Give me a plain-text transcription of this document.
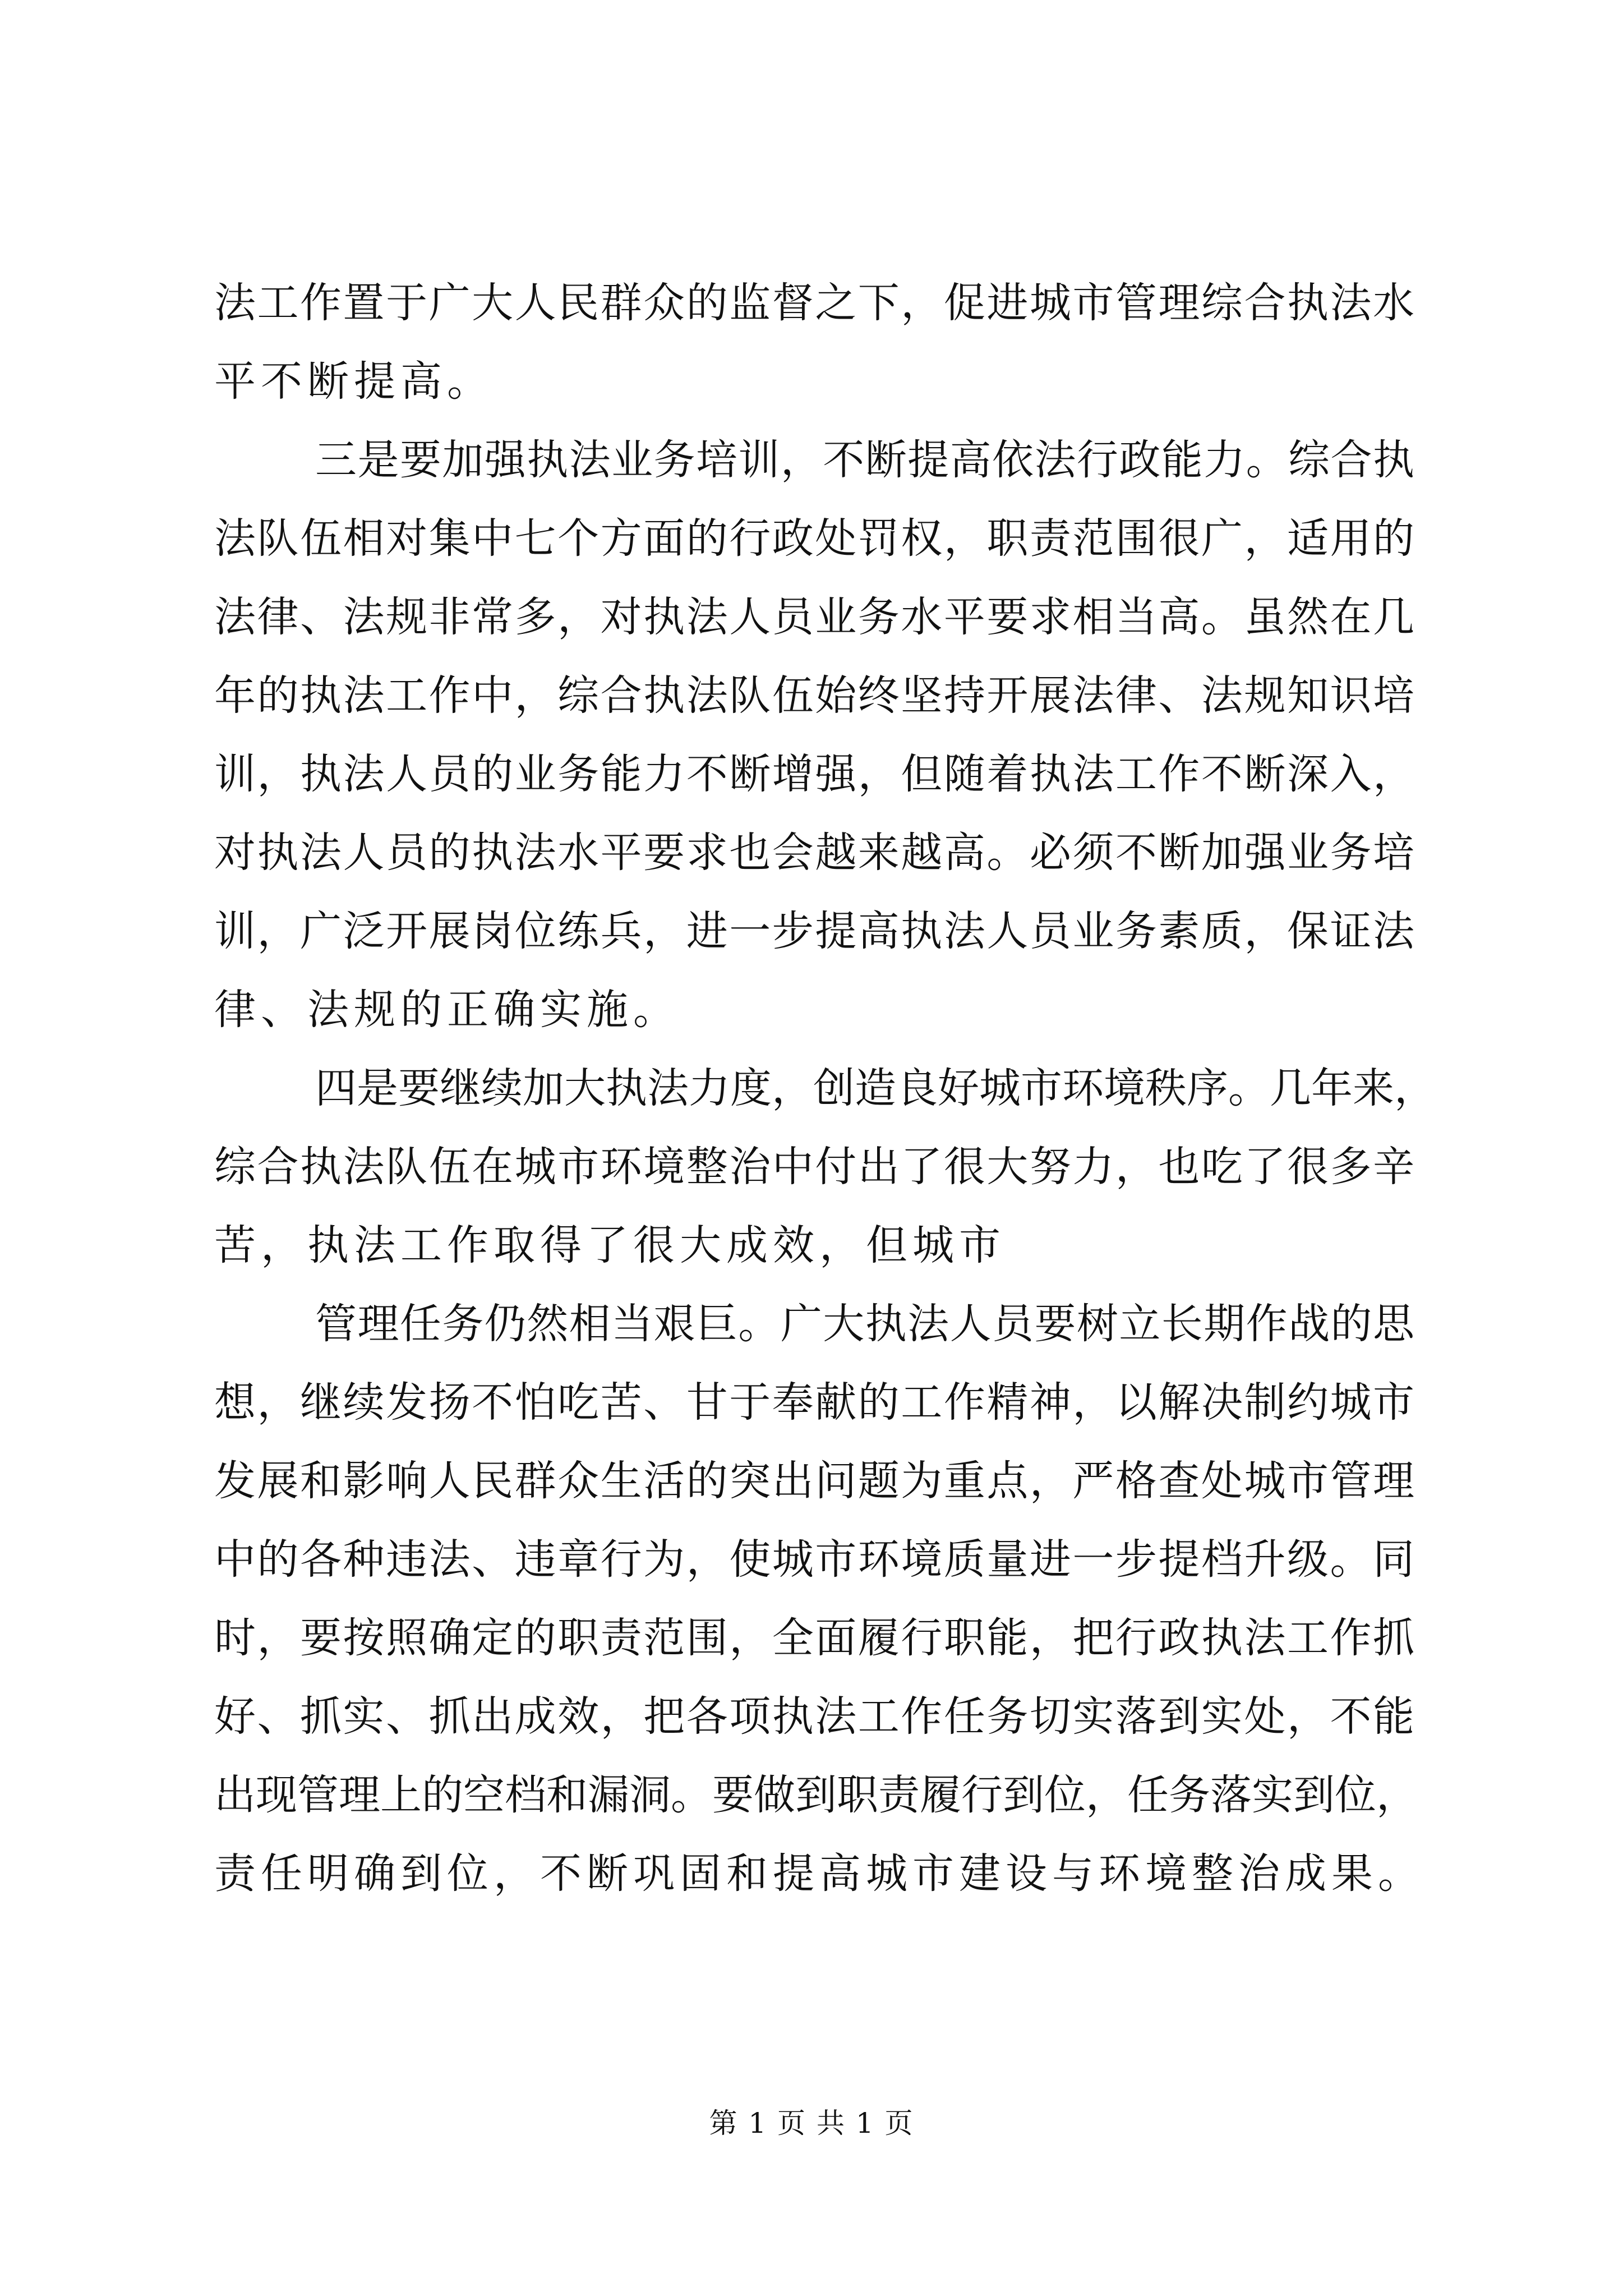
法工作置于广大人民群众的监督之下，促进城市管理综合执法水
平不断提高。
三是要加强执法业务培训，不断提高依法行政能力。综合执
法队伍相对集中七个方面的行政处罚权，职责范围很广，适用的
法律、法规非常多，对执法人员业务水平要求相当高。虽然在几
年的执法工作中，综合执法队伍始终坚持开展法律、法规知识培
训，执法人员的业务能力不断增强，但随着执法工作不断深入，
对执法人员的执法水平要求也会越来越高。必须不断加强业务培
训，广泛开展岗位练兵，进一步提高执法人员业务素质，保证法
律、法规的正确实施。
四是要继续加大执法力度，创造良好城市环境秩序。几年来，
综合执法队伍在城市环境整治中付出了很大努力，也吃了很多辛
苦，执法工作取得了很大成效，但城市
管理任务仍然相当艰巨。广大执法人员要树立长期作战的思
想，继续发扬不怕吃苦、甘于奉献的工作精神，以解决制约城市
发展和影响人民群众生活的突出问题为重点，严格查处城市管理
中的各种违法、违章行为，使城市环境质量进一步提档升级。同
时，要按照确定的职责范围，全面履行职能，把行政执法工作抓
好、抓实、抓出成效，把各项执法工作任务切实落到实处，不能
出现管理上的空档和漏洞。要做到职责履行到位，任务落实到位，
责任明确到位，不断巩固和提高城市建设与环境整治成果。
第 1 页 共 1 页
